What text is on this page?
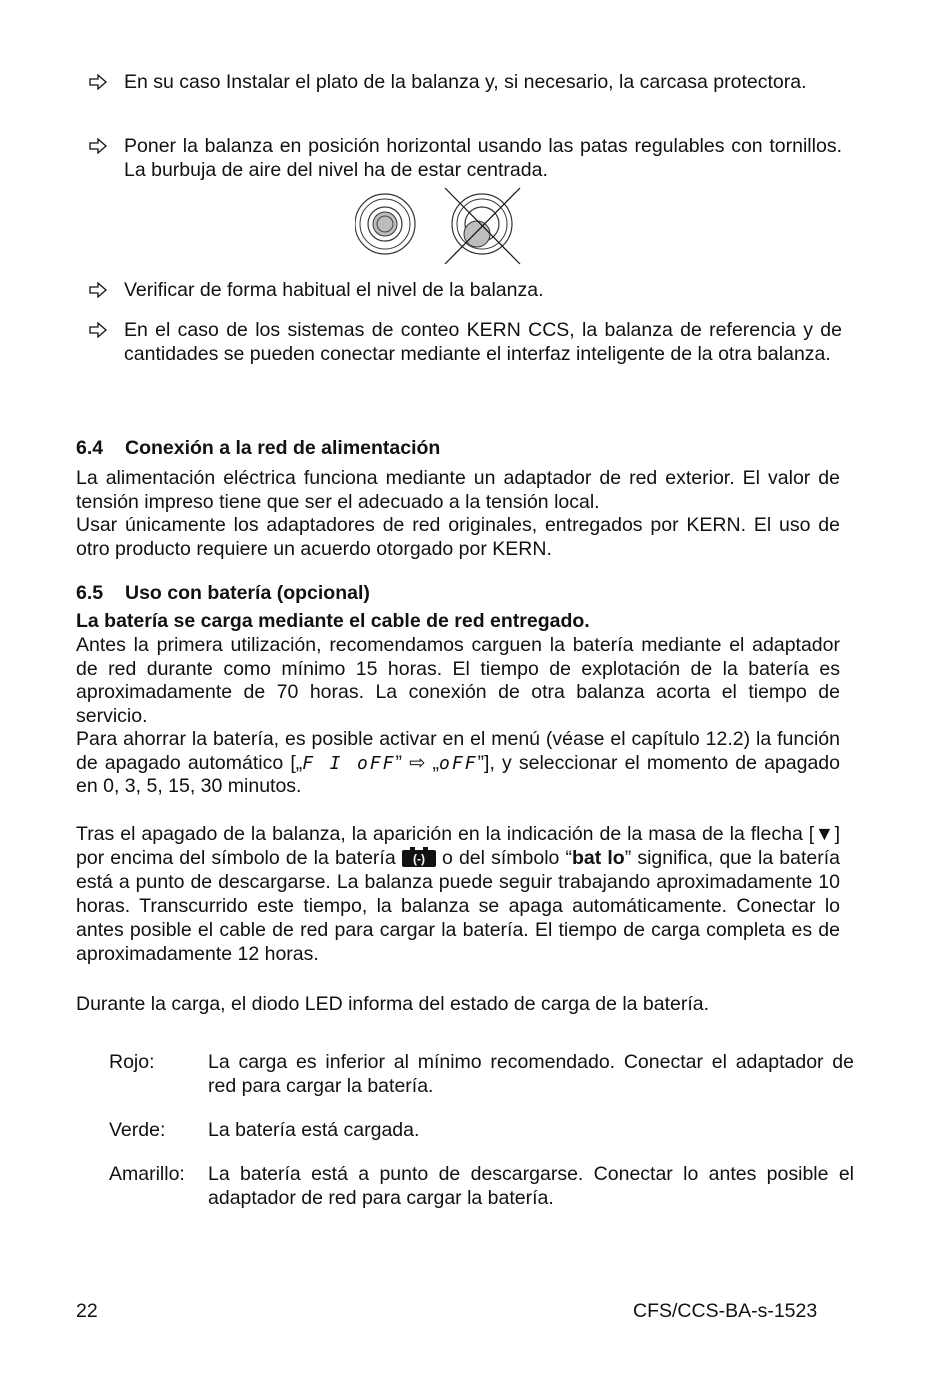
En su caso Instalar el plato de la balanza y, si necesario, la carcasa protectora.
Poner la balanza en posición horizontal usando las patas regulables con tornillos. La burbuja de aire del nivel ha de estar centrada.
Verificar de forma habitual el nivel de la balanza.
En el caso de los sistemas de conteo KERN CCS, la balanza de referencia y de cantidades se pueden conectar mediante el interfaz inteligente de la otra balanza.
6.4 Conexión a la red de alimentación
La alimentación eléctrica funciona mediante un adaptador de red exterior. El valor de tensión impreso tiene que ser el adecuado a la tensión local.
Usar únicamente los adaptadores de red originales, entregados por KERN. El uso de otro producto requiere un acuerdo otorgado por KERN.
6.5 Uso con batería (opcional)
La batería se carga mediante el cable de red entregado.
Antes la primera utilización, recomendamos carguen la batería mediante el adaptador de red durante como mínimo 15 horas. El tiempo de explotación de la batería es aproximadamente de 70 horas. La conexión de otra balanza acorta el tiempo de servicio.
Para ahorrar la batería, es posible activar en el menú (véase el capítulo 12.2) la función de apagado automático [„F I oFF” ⇨ „oFF”], y seleccionar el momento de apagado en 0, 3, 5, 15, 30 minutos.
Tras el apagado de la balanza, la aparición en la indicación de la masa de la flecha [▼] por encima del símbolo de la batería (-) o del símbolo “bat lo” significa, que la batería está a punto de descargarse. La balanza puede seguir trabajando aproximadamente 10 horas. Transcurrido este tiempo, la balanza se apaga automáticamente. Conectar lo antes posible el cable de red para cargar la batería. El tiempo de carga completa es de aproximadamente 12 horas.
Durante la carga, el diodo LED informa del estado de carga de la batería.
Rojo:	La carga es inferior al mínimo recomendado. Conectar el adaptador de red para cargar la batería.
Verde: La batería está cargada.
Amarillo: La batería está a punto de descargarse. Conectar lo antes posible el adaptador de red para cargar la batería.
22	CFS/CCS-BA-s-1523
